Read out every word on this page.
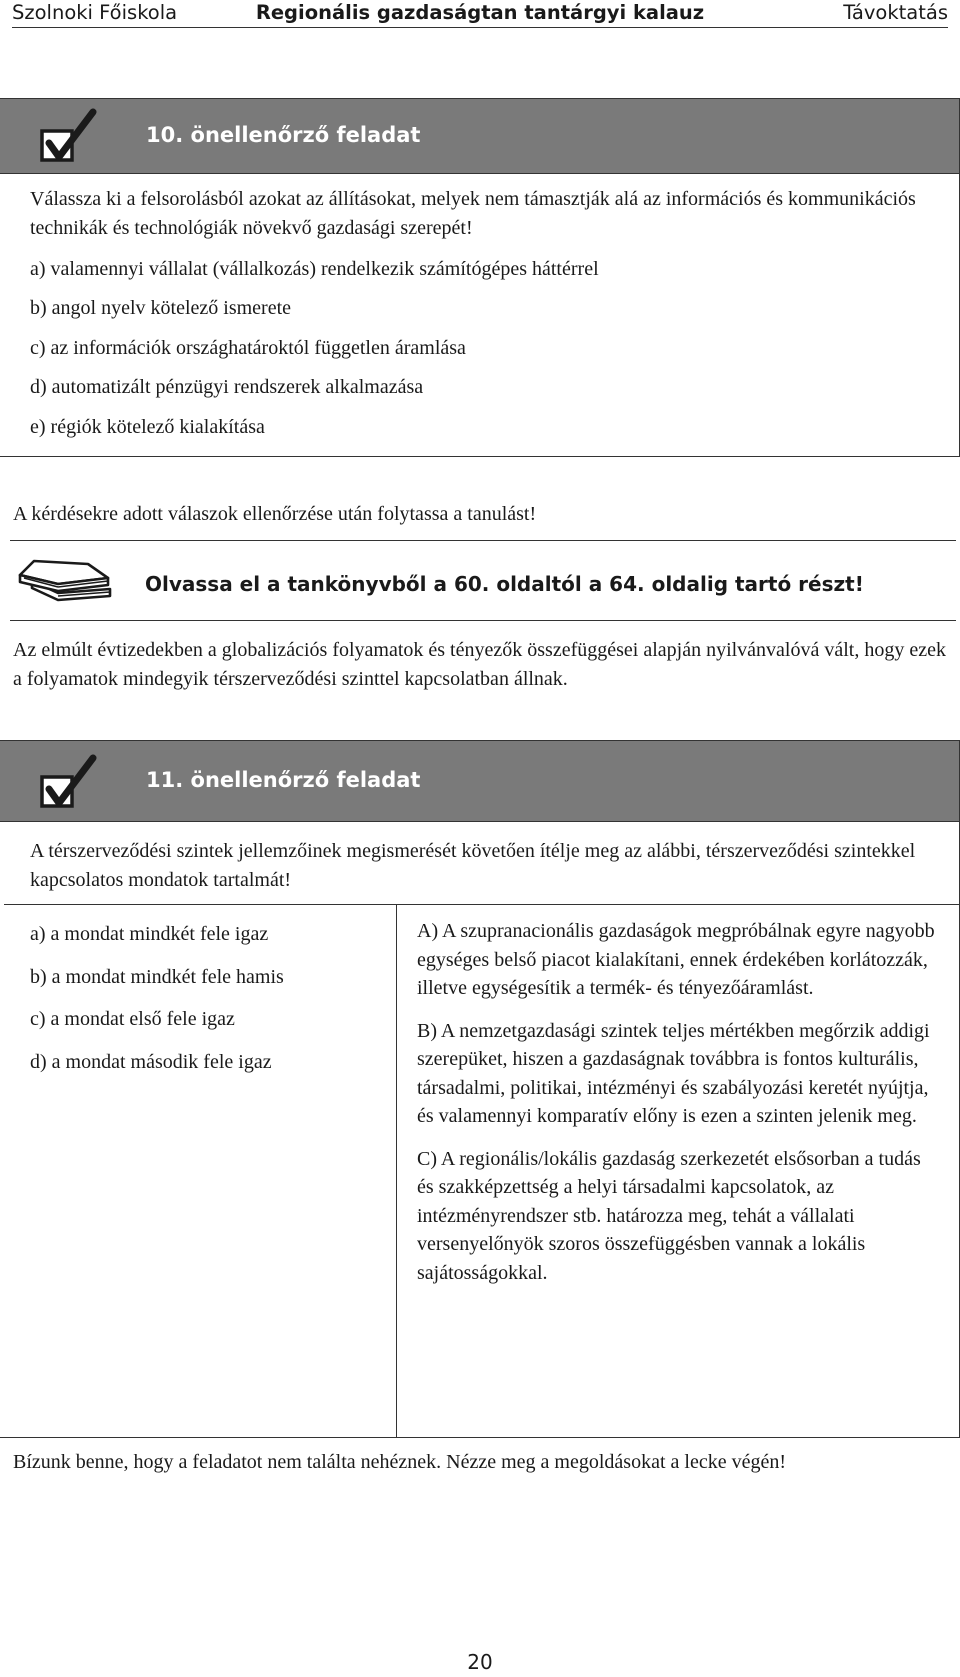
Szolnoki Főiskola	Regionális gazdaságtan tantárgyi kalauz	Távoktatás
10. önellenőrző feladat

Válassza ki a felsorolásból azokat az állításokat, melyek nem támasztják alá az információs és kommunikációs technikák és technológiák növekvő gazdasági szerepét!

a) valamennyi vállalat (vállalkozás) rendelkezik számítógépes háttérrel
b) angol nyelv kötelező ismerete
c) az információk országhatároktól független áramlása
d) automatizált pénzügyi rendszerek alkalmazása
e) régiók kötelező kialakítása
A kérdésekre adott válaszok ellenőrzése után folytassa a tanulást!
Olvassa el a tankönyvből a 60. oldaltól a 64. oldalig tartó részt!

Az elmúlt évtizedekben a globalizációs folyamatok és tényezők összefüggései alapján nyilvánvalóvá vált, hogy ezek a folyamatok mindegyik térszerveződési szinttel kapcsolatban állnak.

11. önellenőrző feladat

A térszerveződési szintek jellemzőinek megismerését követően ítélje meg az alábbi, térszerveződési szintekkel kapcsolatos mondatok tartalmát!

a) a mondat mindkét fele igaz
b) a mondat mindkét fele hamis
c) a mondat első fele igaz
d) a mondat második fele igaz

A) A szupranacionális gazdaságok megpróbálnak egyre nagyobb egységes belső piacot kialakítani, ennek érdekében korlátozzák, illetve egységesítik a termék- és tényezőáramlást.

B) A nemzetgazdasági szintek teljes mértékben megőrzik addigi szerepüket, hiszen a gazdaságnak továbbra is fontos kulturális, társadalmi, politikai, intézményi és szabályozási keretét nyújtja, és valamennyi komparatív előny is ezen a szinten jelenik meg.

C) A regionális/lokális gazdaság szerkezetét elsősorban a tudás és szakképzettség a helyi társadalmi kapcsolatok, az intézményrendszer stb. határozza meg, tehát a vállalati versenyelőnyök szoros összefüggésben vannak a lokális sajátosságokkal.

Bízunk benne, hogy a feladatot nem találta nehéznek. Nézze meg a megoldásokat a lecke végén!

20
